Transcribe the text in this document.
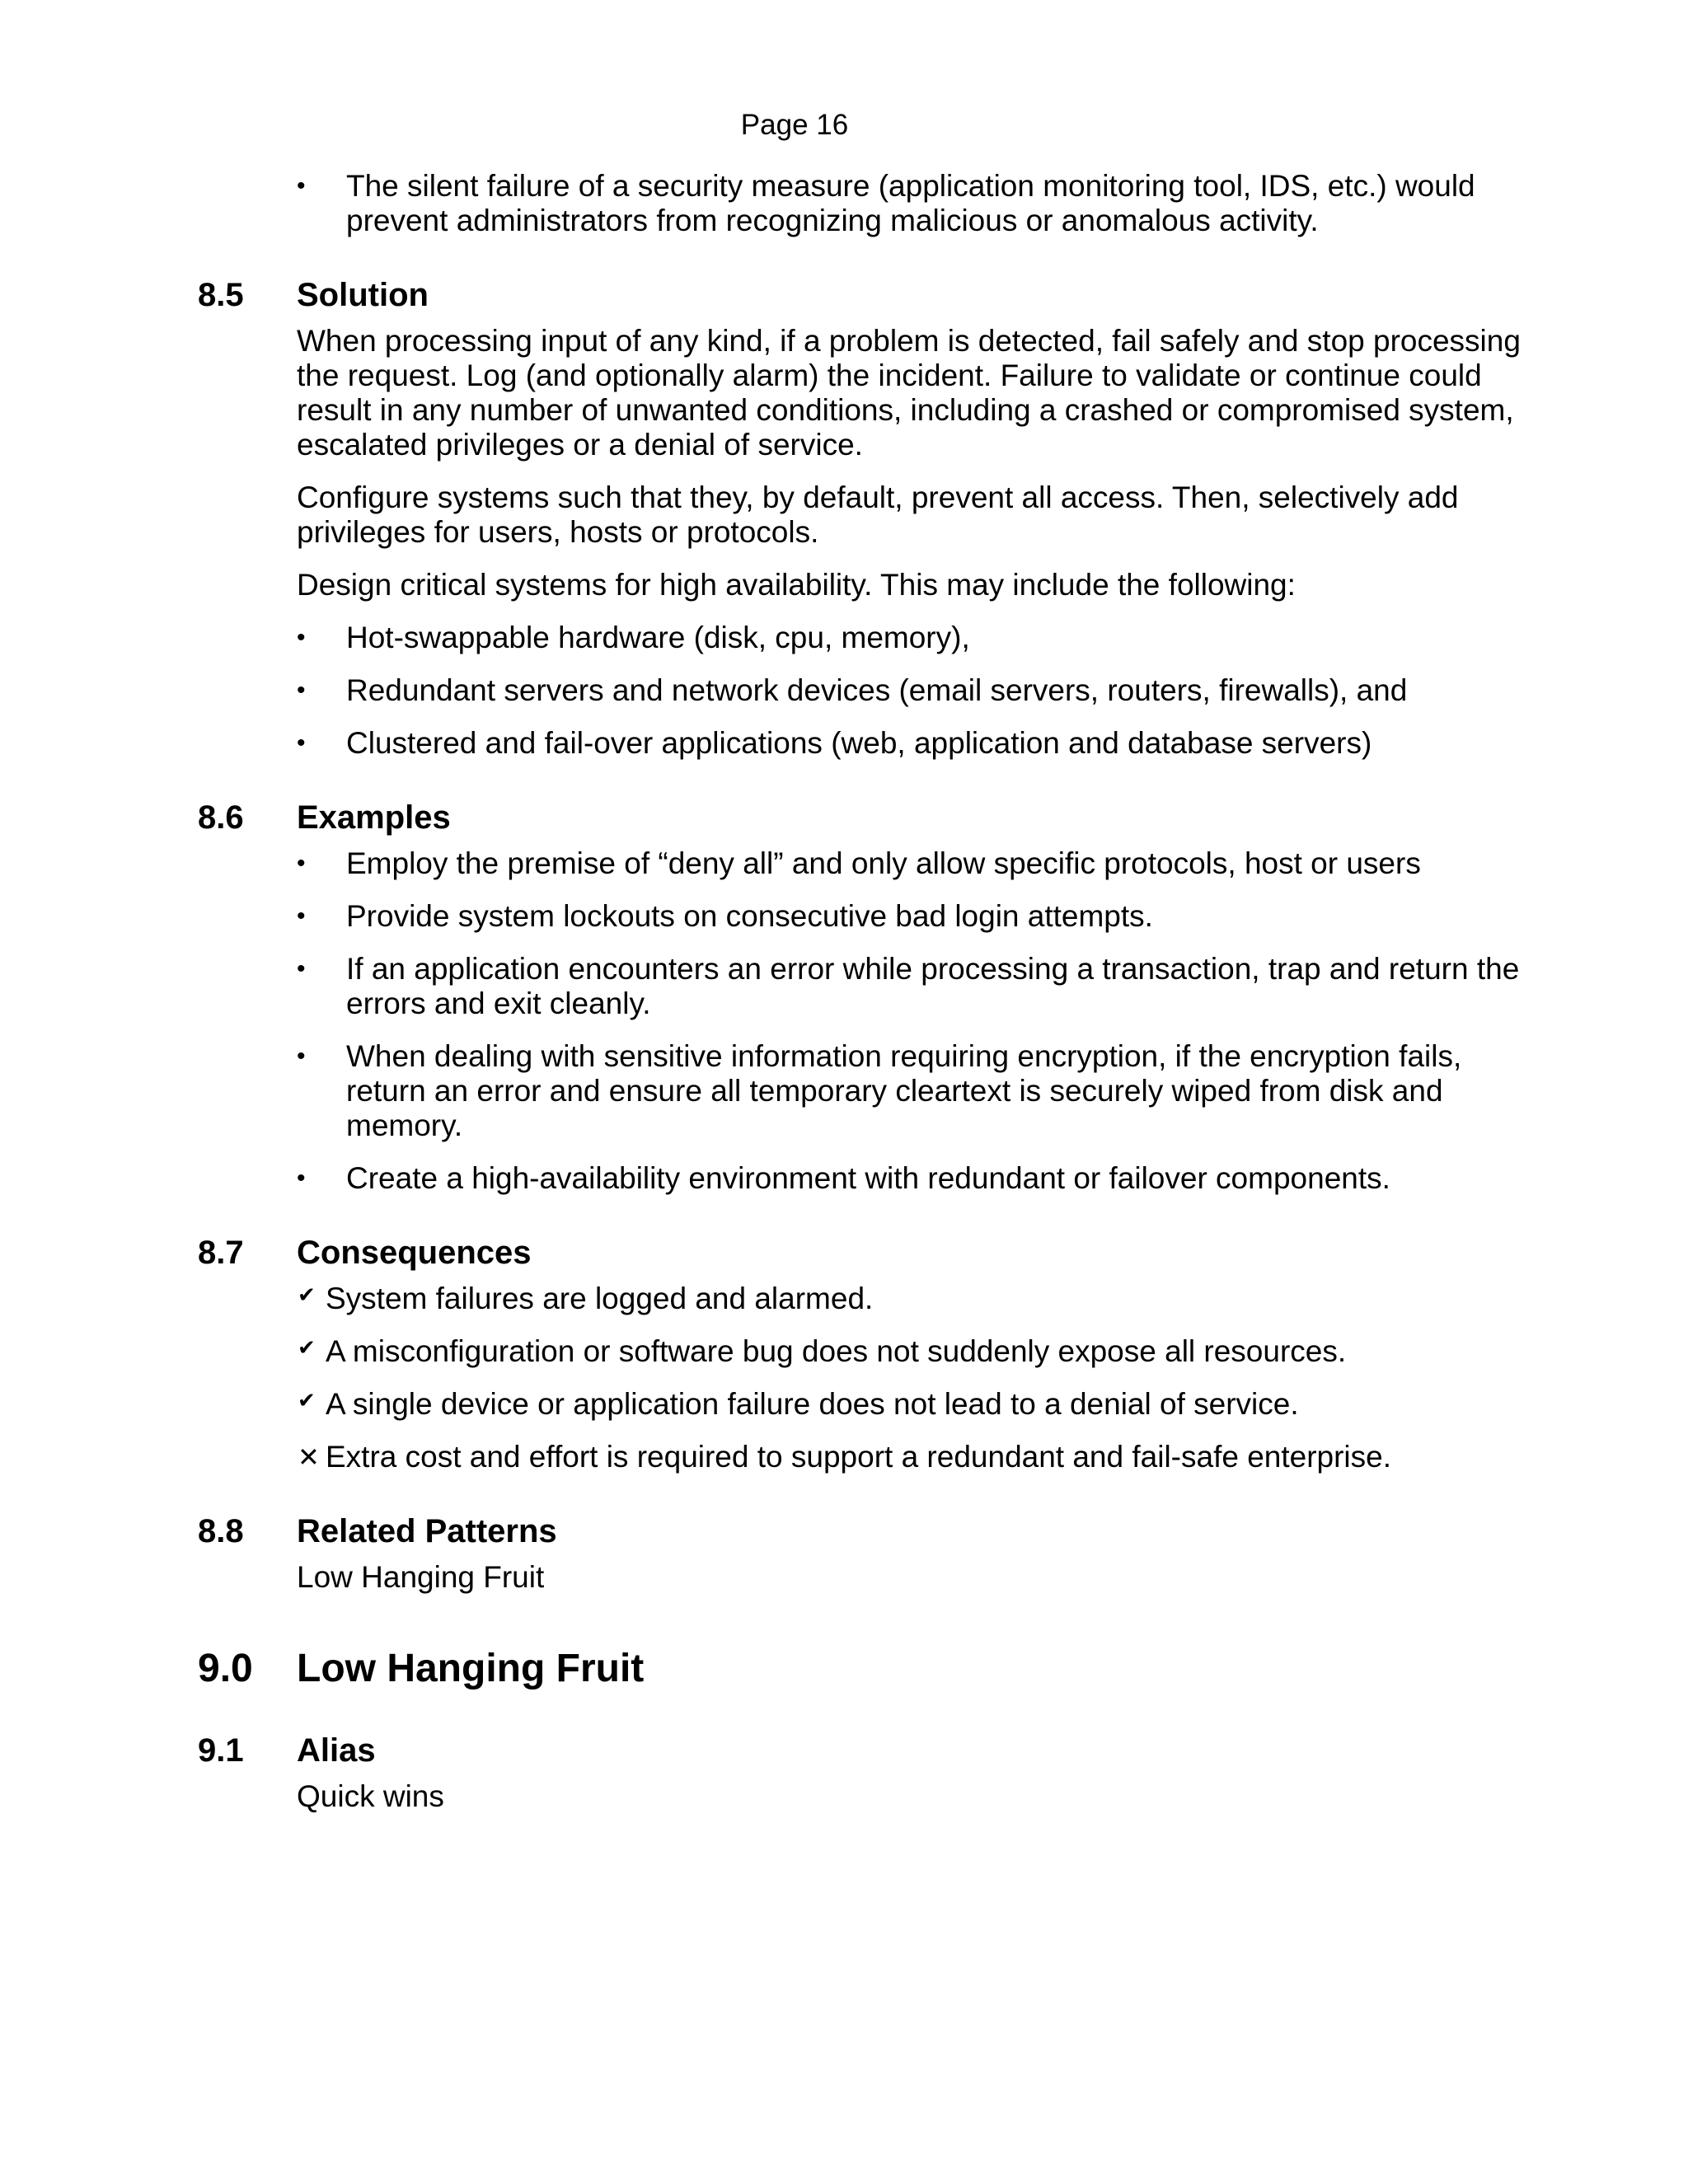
Page 16
•	The silent failure of a security measure (application monitoring tool, IDS, etc.) would prevent administrators from recognizing malicious or anomalous activity.
8.5	Solution

When processing input of any kind, if a problem is detected, fail safely and stop processing the request. Log (and optionally alarm) the incident. Failure to validate or continue could result in any number of unwanted conditions, including a crashed or compromised system, escalated privileges or a denial of service.

Configure systems such that they, by default, prevent all access. Then, selectively add privileges for users, hosts or protocols.

Design critical systems for high availability. This may include the following:

•	Hot-swappable hardware (disk, cpu, memory),
•	Redundant servers and network devices (email servers, routers, firewalls), and
•	Clustered and fail-over applications (web, application and database servers)
8.6	Examples
•	Employ the premise of “deny all” and only allow specific protocols, host or users
•	Provide system lockouts on consecutive bad login attempts.
•	If an application encounters an error while processing a transaction, trap and return the errors and exit cleanly.
•	When dealing with sensitive information requiring encryption, if the encryption fails, return an error and ensure all temporary cleartext is securely wiped from disk and memory.
•	Create a high-availability environment with redundant or failover components.
8.7	Consequences
✔ System failures are logged and alarmed.
✔ A misconfiguration or software bug does not suddenly expose all resources.
✔ A single device or application failure does not lead to a denial of service.
✕ Extra cost and effort is required to support a redundant and fail-safe enterprise.
8.8	Related Patterns

Low Hanging Fruit

9.0	Low Hanging Fruit
9.1	Alias

Quick wins
